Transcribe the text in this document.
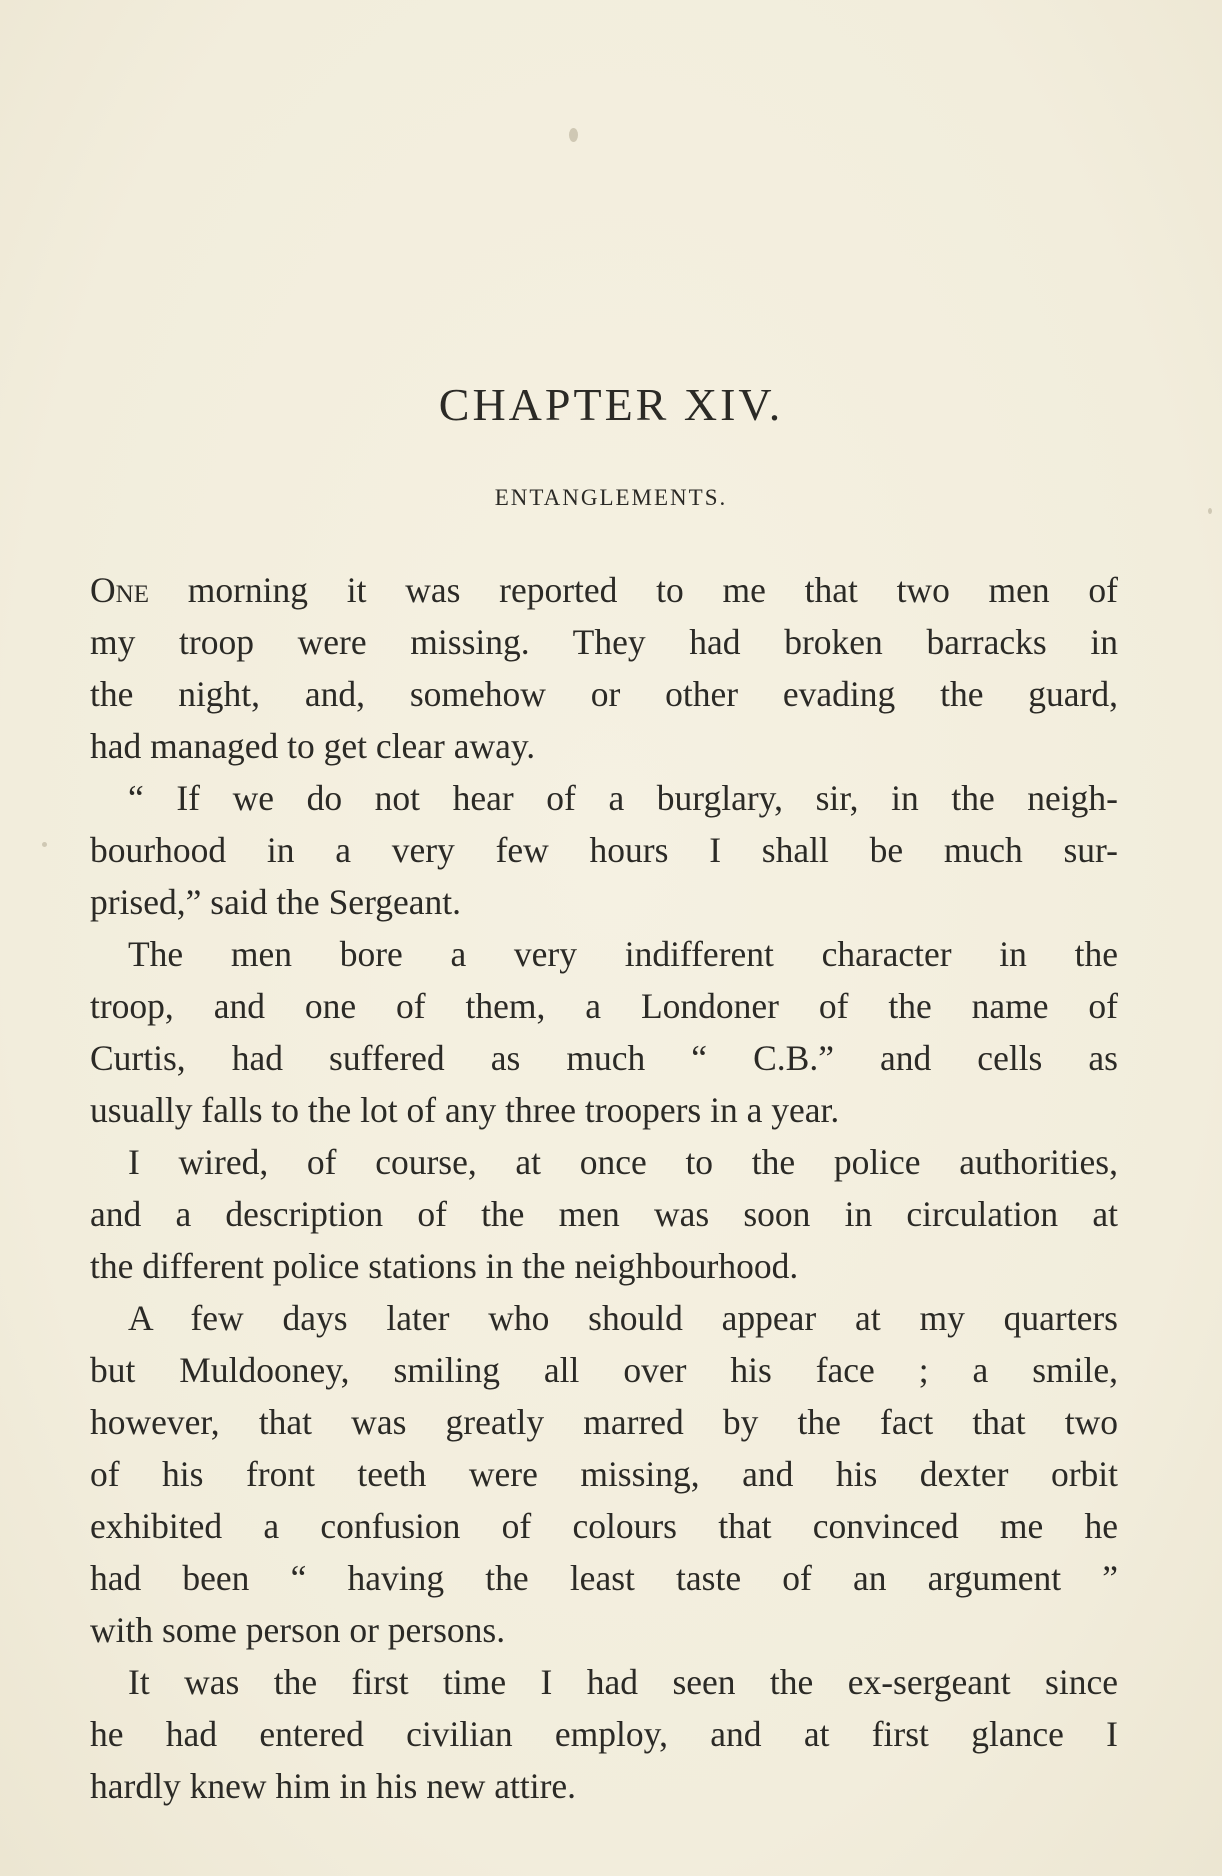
CHAPTER XIV.
ENTANGLEMENTS.
One morning it was reported to me that two men of
my troop were missing. They had broken barracks in
the night, and, somehow or other evading the guard,
had managed to get clear away.
“ If we do not hear of a burglary, sir, in the neigh-
bourhood in a very few hours I shall be much sur-
prised,” said the Sergeant.
The men bore a very indifferent character in the
troop, and one of them, a Londoner of the name of
Curtis, had suffered as much “ C.B.” and cells as
usually falls to the lot of any three troopers in a year.
I wired, of course, at once to the police authorities,
and a description of the men was soon in circulation at
the different police stations in the neighbourhood.
A few days later who should appear at my quarters
but Muldooney, smiling all over his face ; a smile,
however, that was greatly marred by the fact that two
of his front teeth were missing, and his dexter orbit
exhibited a confusion of colours that convinced me he
had been “ having the least taste of an argument ”
with some person or persons.
It was the first time I had seen the ex-sergeant since
he had entered civilian employ, and at first glance I
hardly knew him in his new attire.
